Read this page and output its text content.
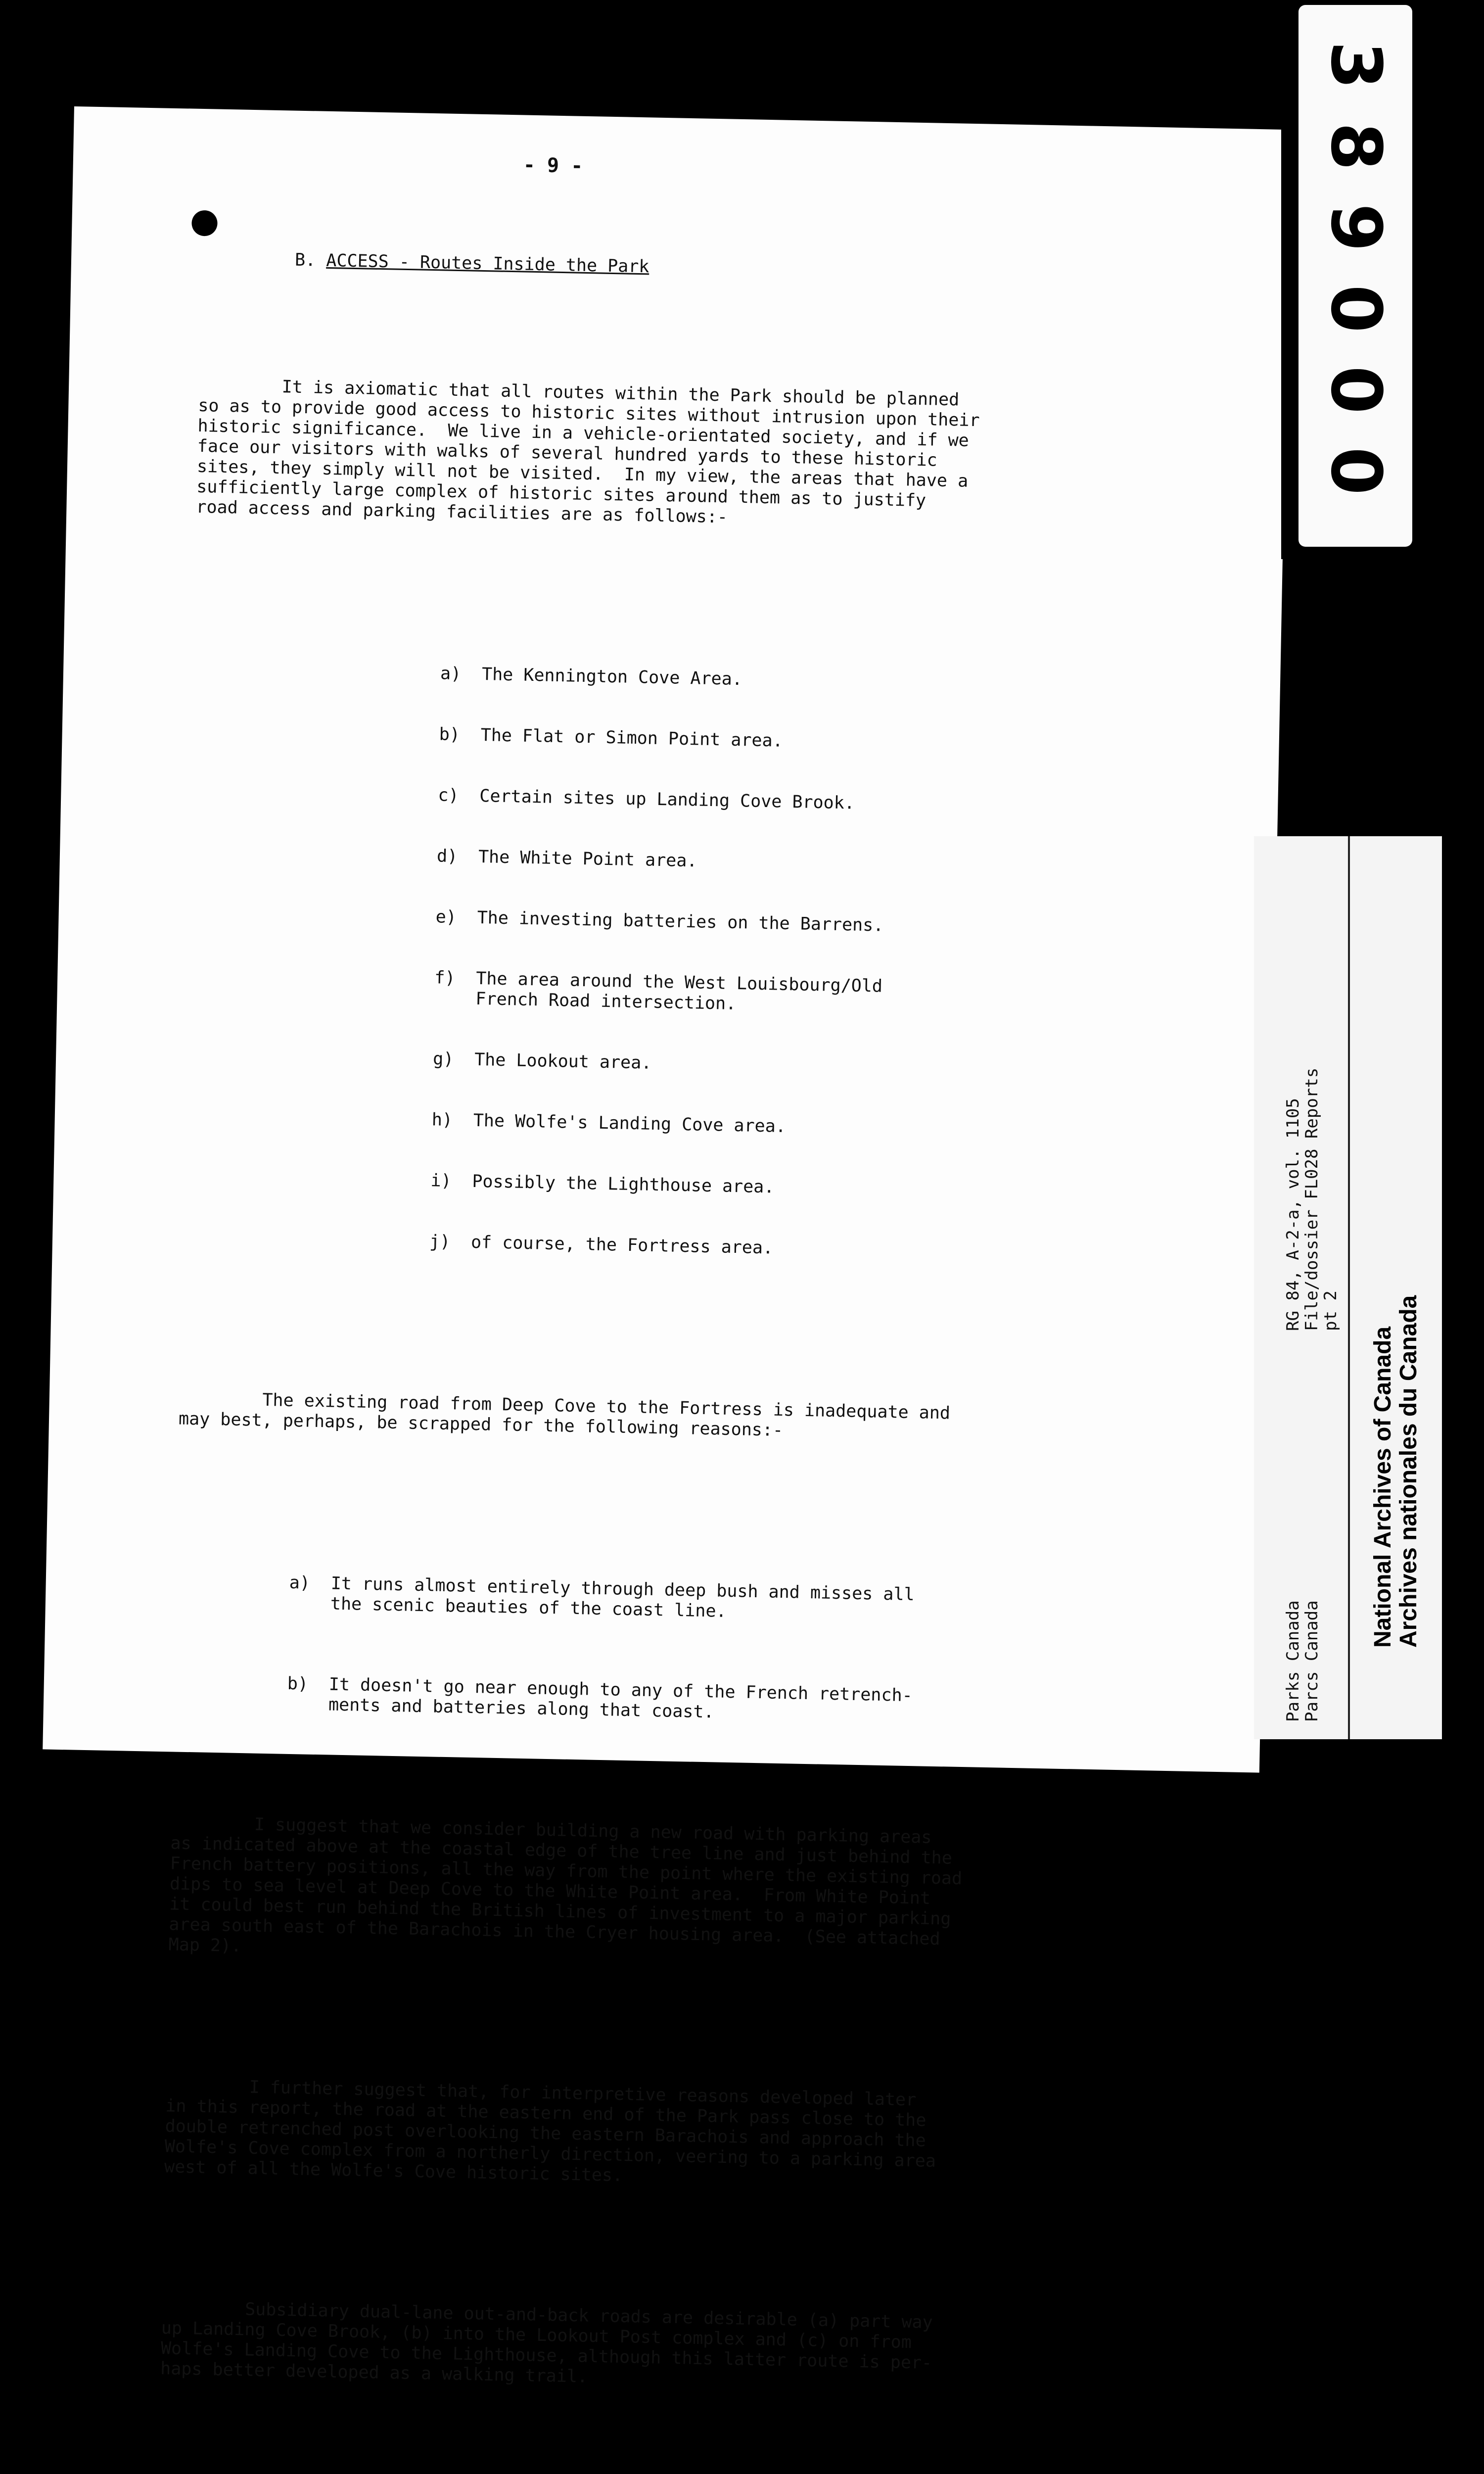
- 9 -

B. ACCESS - Routes Inside the Park

It is axiomatic that all routes within the Park should be planned
so as to provide good access to historic sites without intrusion upon their
historic significance.  We live in a vehicle-orientated society, and if we
face our visitors with walks of several hundred yards to these historic
sites, they simply will not be visited.  In my view, the areas that have a
sufficiently large complex of historic sites around them as to justify
road access and parking facilities are as follows:-

a)	The Kennington Cove Area.

b)	The Flat or Simon Point area.

c)	Certain sites up Landing Cove Brook.

d)	The White Point area.

e)	The investing batteries on the Barrens.

f)	The area around the West Louisbourg/Old
French Road intersection.

g)	The Lookout area.

h)	The Wolfe's Landing Cove area.

i)	Possibly the Lighthouse area.

j)	of course, the Fortress area.

The existing road from Deep Cove to the Fortress is inadequate and
may best, perhaps, be scrapped for the following reasons:-

a)	It runs almost entirely through deep bush and misses all
the scenic beauties of the coast line.

b)	It doesn't go near enough to any of the French retrench-
ments and batteries along that coast.

I suggest that we consider building a new road with parking areas
as indicated above at the coastal edge of the tree line and just behind the
French battery positions, all the way from the point where the existing road
dips to sea level at Deep Cove to the White Point area.  From White Point
it could best run behind the British lines of investment to a major parking
area south east of the Barachois in the Cryer housing area.  (See attached
Map 2).

I further suggest that, for interpretive reasons developed later
in this report, the road at the eastern end of the Park pass close to the
double retrenched post overlooking the eastern Barachois and approach the
Wolfe's Cove complex from a northerly direction, veering to a parking area
west of all the Wolfe's Cove historic sites.

Subsidiary dual-lane out-and-back roads are desirable (a) part way
up Landing Cove Brook, (b) into the Lookout Post complex and (c) on from
Wolfe's Landing Cove to the Lighthouse, although this latter route is per-
haps better developed as a walking trail.

3
8
9
0
0
0
RG 84, A-2-a, vol. 1105
File/dossier FL028 Reports
pt 2
National Archives of Canada Archives nationales du Canada
Parks Canada
Parcs Canada
